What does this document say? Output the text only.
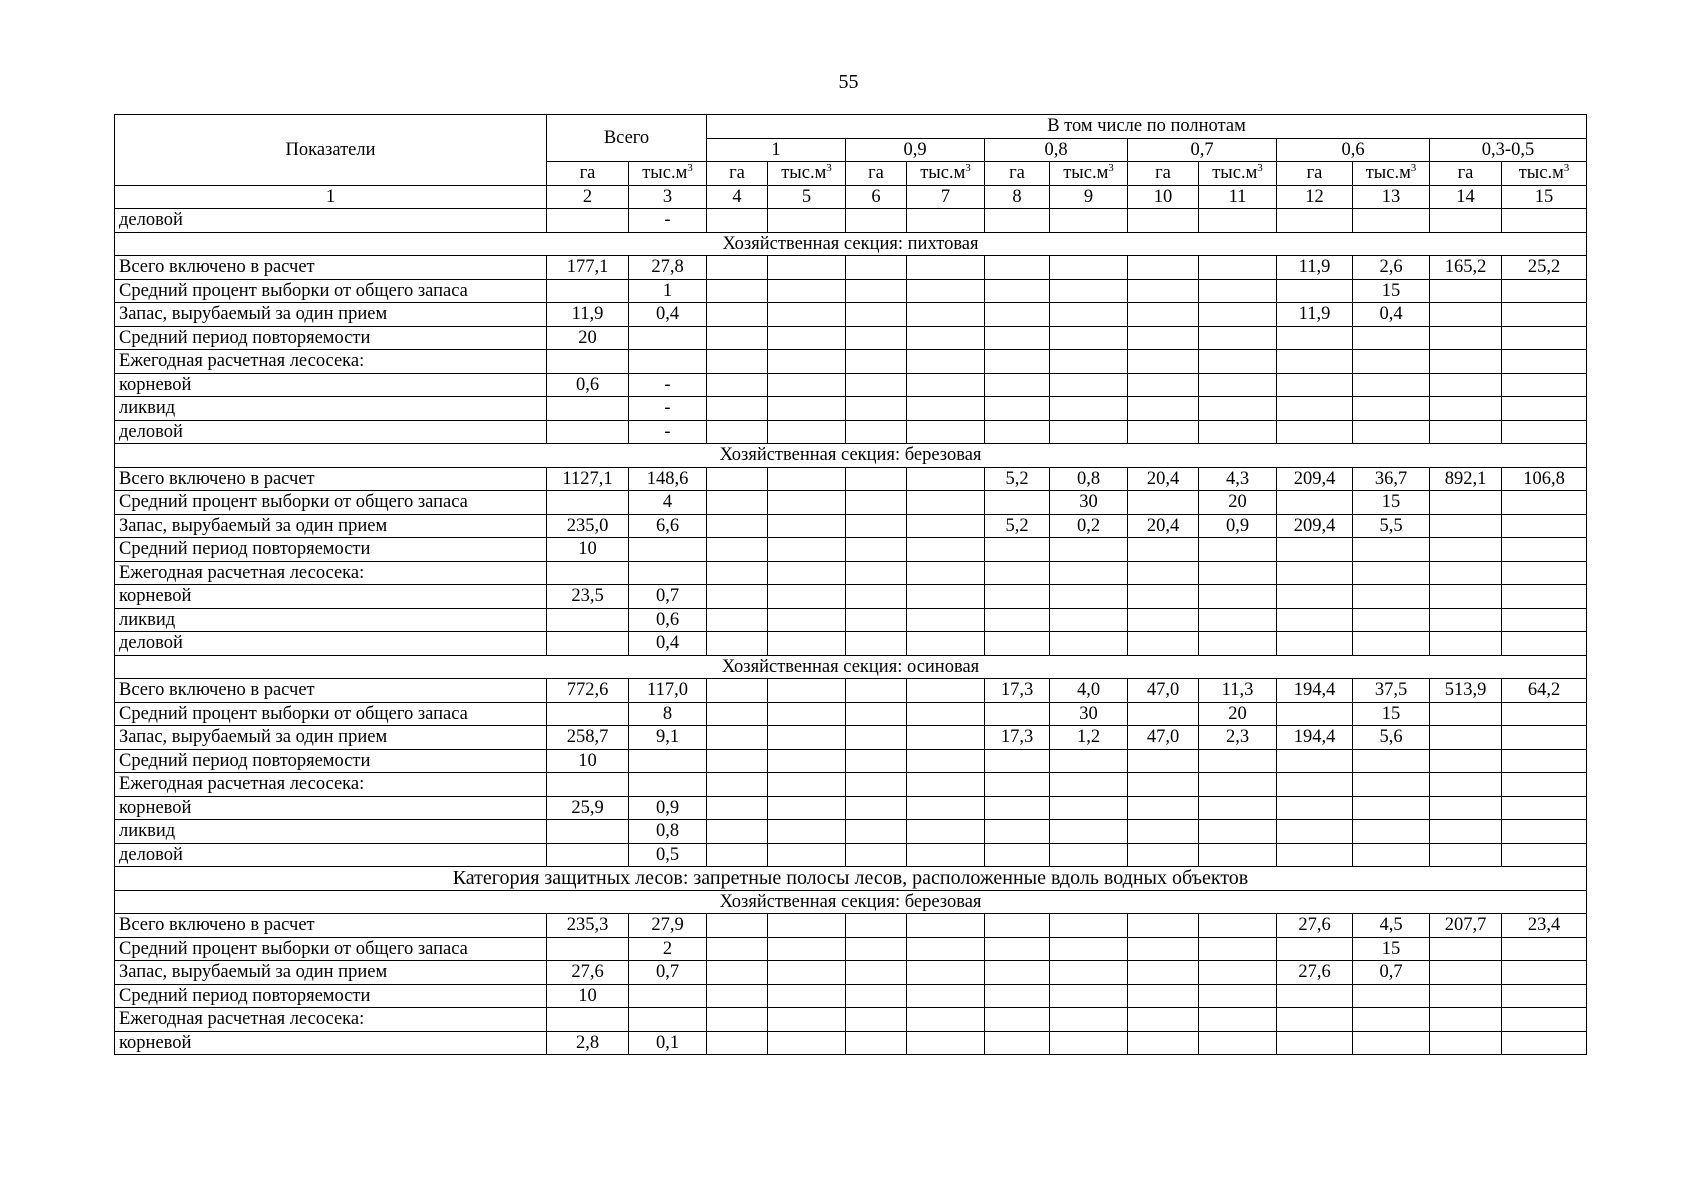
55
Показатели	Всего		В том числе по полнотам											
			1		0,9		0,8		0,7		0,6		0,3-0,5	
	га	$тыс.м^3$	га	$тыс.м^3$	га	$тыс.м^3$	га	$тыс.м^3$	га	$тыс.м^3$	га	$тыс.м^3$	га	$тыс.м^3$
1	2	3	4	5	6	7	8	9	10	11	12	13	14	15
деловой		-												
Хозяйственная секция: пихтовая														
Всего включено в расчет	177,1	27,8									11,9	2,6	165,2	25,2
Средний процент выборки от общего запаса		1										15		
Запас, вырубаемый за один прием	11,9	0,4									11,9	0,4		
Средний период повторяемости	20													
Ежегодная расчетная лесосека:														
корневой	0,6	-												
ликвид		-												
деловой		-												
Хозяйственная секция: березовая														
Всего включено в расчет	1127,1	148,6					5,2	0,8	20,4	4,3	209,4	36,7	892,1	106,8
Средний процент выборки от общего запаса		4						30		20		15		
Запас, вырубаемый за один прием	235,0	6,6					5,2	0,2	20,4	0,9	209,4	5,5		
Средний период повторяемости	10													
Ежегодная расчетная лесосека:														
корневой	23,5	0,7												
ликвид		0,6												
деловой		0,4												
Хозяйственная секция: осиновая														
Всего включено в расчет	772,6	117,0					17,3	4,0	47,0	11,3	194,4	37,5	513,9	64,2
Средний процент выборки от общего запаса		8						30		20		15		
Запас, вырубаемый за один прием	258,7	9,1					17,3	1,2	47,0	2,3	194,4	5,6		
Средний период повторяемости	10													
Ежегодная расчетная лесосека:														
корневой	25,9	0,9												
ликвид		0,8												
деловой		0,5												
Категория защитных лесов: запретные полосы лесов, расположенные вдоль водных объектов														
Хозяйственная секция: березовая														
Всего включено в расчет	235,3	27,9									27,6	4,5	207,7	23,4
Средний процент выборки от общего запаса		2										15		
Запас, вырубаемый за один прием	27,6	0,7									27,6	0,7		
Средний период повторяемости	10													
Ежегодная расчетная лесосека:														
корневой	2,8	0,1												
